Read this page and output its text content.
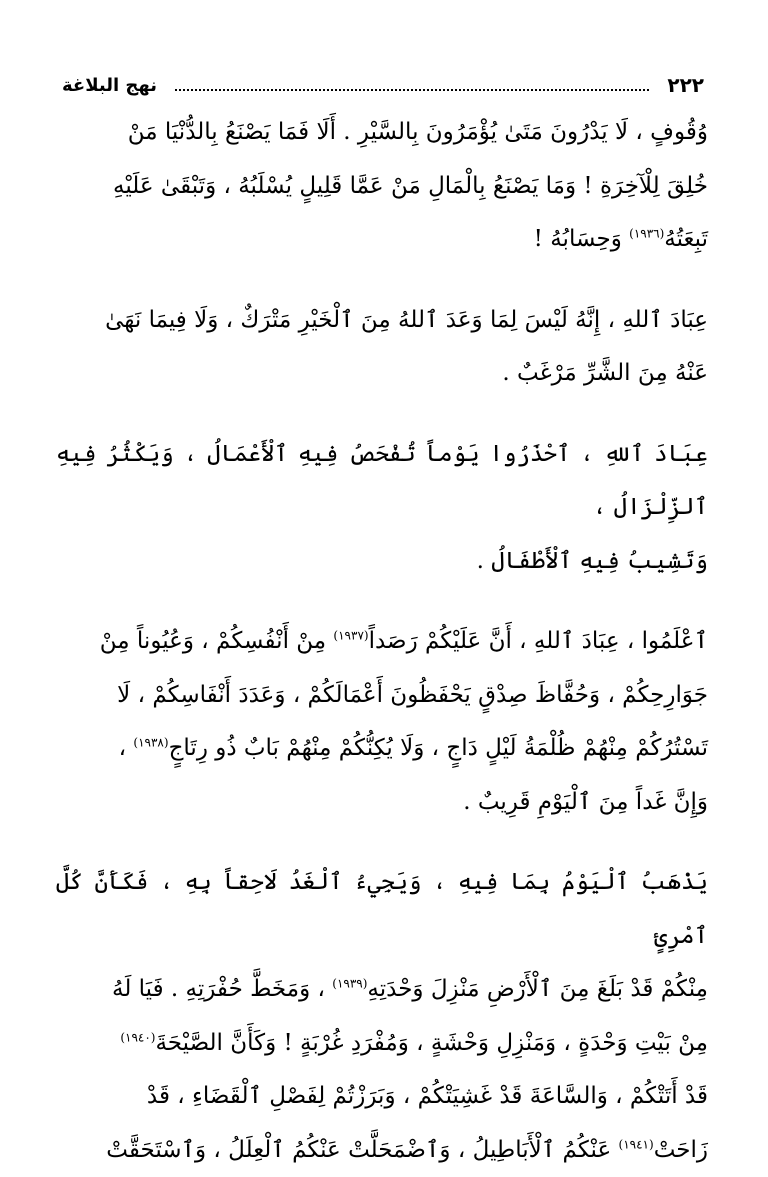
٢٢٢
نهج البلاغة

وُقُوفٍ ، لَا يَدْرُونَ مَتَىٰ يُؤْمَرُونَ بِالسَّيْرِ . أَلَا فَمَا يَصْنَعُ بِالدُّنْيَا مَنْ
خُلِقَ لِلْآخِرَةِ ! وَمَا يَصْنَعُ بِالْمَالِ مَنْ عَمَّا قَلِيلٍ يُسْلَبُهُ ، وَتَبْقَىٰ عَلَيْهِ
تَبِعَتُهُ$^{(١٩٣٦)}$ وَحِسَابُهُ !

عِبَادَ ٱللهِ ، إِنَّهُ لَيْسَ لِمَا وَعَدَ ٱللهُ مِنَ ٱلْخَيْرِ مَتْرَكٌ ، وَلَا فِيمَا نَهَىٰ
عَنْهُ مِنَ الشَّرِّ مَرْغَبٌ .

عِبَادَ ٱللهِ ، ٱحْذَرُوا يَوْماً تُفْحَصُ فِيهِ ٱلْأَعْمَالُ ، وَيَكْثُرُ فِيهِ ٱلزِّلْزَالُ ،
وَتَشِيبُ فِيهِ ٱلْأَطْفَالُ .

ٱعْلَمُوا ، عِبَادَ ٱللهِ ، أَنَّ عَلَيْكُمْ رَصَداً$^{(١٩٣٧)}$ مِنْ أَنْفُسِكُمْ ، وَعُيُوناً مِنْ
جَوَارِحِكُمْ ، وَحُفَّاظَ صِدْقٍ يَحْفَظُونَ أَعْمَالَكُمْ ، وَعَدَدَ أَنْفَاسِكُمْ ، لَا
تَسْتُرُكُمْ مِنْهُمْ ظُلْمَةُ لَيْلٍ دَاجٍ ، وَلَا يُكِنُّكُمْ مِنْهُمْ بَابٌ ذُو رِتَاجٍ$^{(١٩٣٨)}$ ،
وَإِنَّ غَداً مِنَ ٱلْيَوْمِ قَرِيبٌ .

يَذْهَبُ ٱلْيَوْمُ بِمَا فِيهِ ، وَيَجِيءُ ٱلْغَدُ لَاحِقاً بِهِ ، فَكَأَنَّ كُلَّ ٱمْرِئٍ
مِنْكُمْ قَدْ بَلَغَ مِنَ ٱلْأَرْضِ مَنْزِلَ وَحْدَتِهِ$^{(١٩٣٩)}$ ، وَمَخَطَّ حُفْرَتِهِ . فَيَا لَهُ
مِنْ بَيْتِ وَحْدَةٍ ، وَمَنْزِلِ وَحْشَةٍ ، وَمُفْرَدِ غُرْبَةٍ ! وَكَأَنَّ الصَّيْحَةَ$^{(١٩٤٠)}$
قَدْ أَتَتْكُمْ ، وَالسَّاعَةَ قَدْ غَشِيَتْكُمْ ، وَبَرَزْتُمْ لِفَصْلِ ٱلْقَضَاءِ ، قَدْ
زَاحَتْ$^{(١٩٤١)}$ عَنْكُمُ ٱلْأَبَاطِيلُ ، وَٱضْمَحَلَّتْ عَنْكُمُ ٱلْعِلَلُ ، وَٱسْتَحَقَّتْ
